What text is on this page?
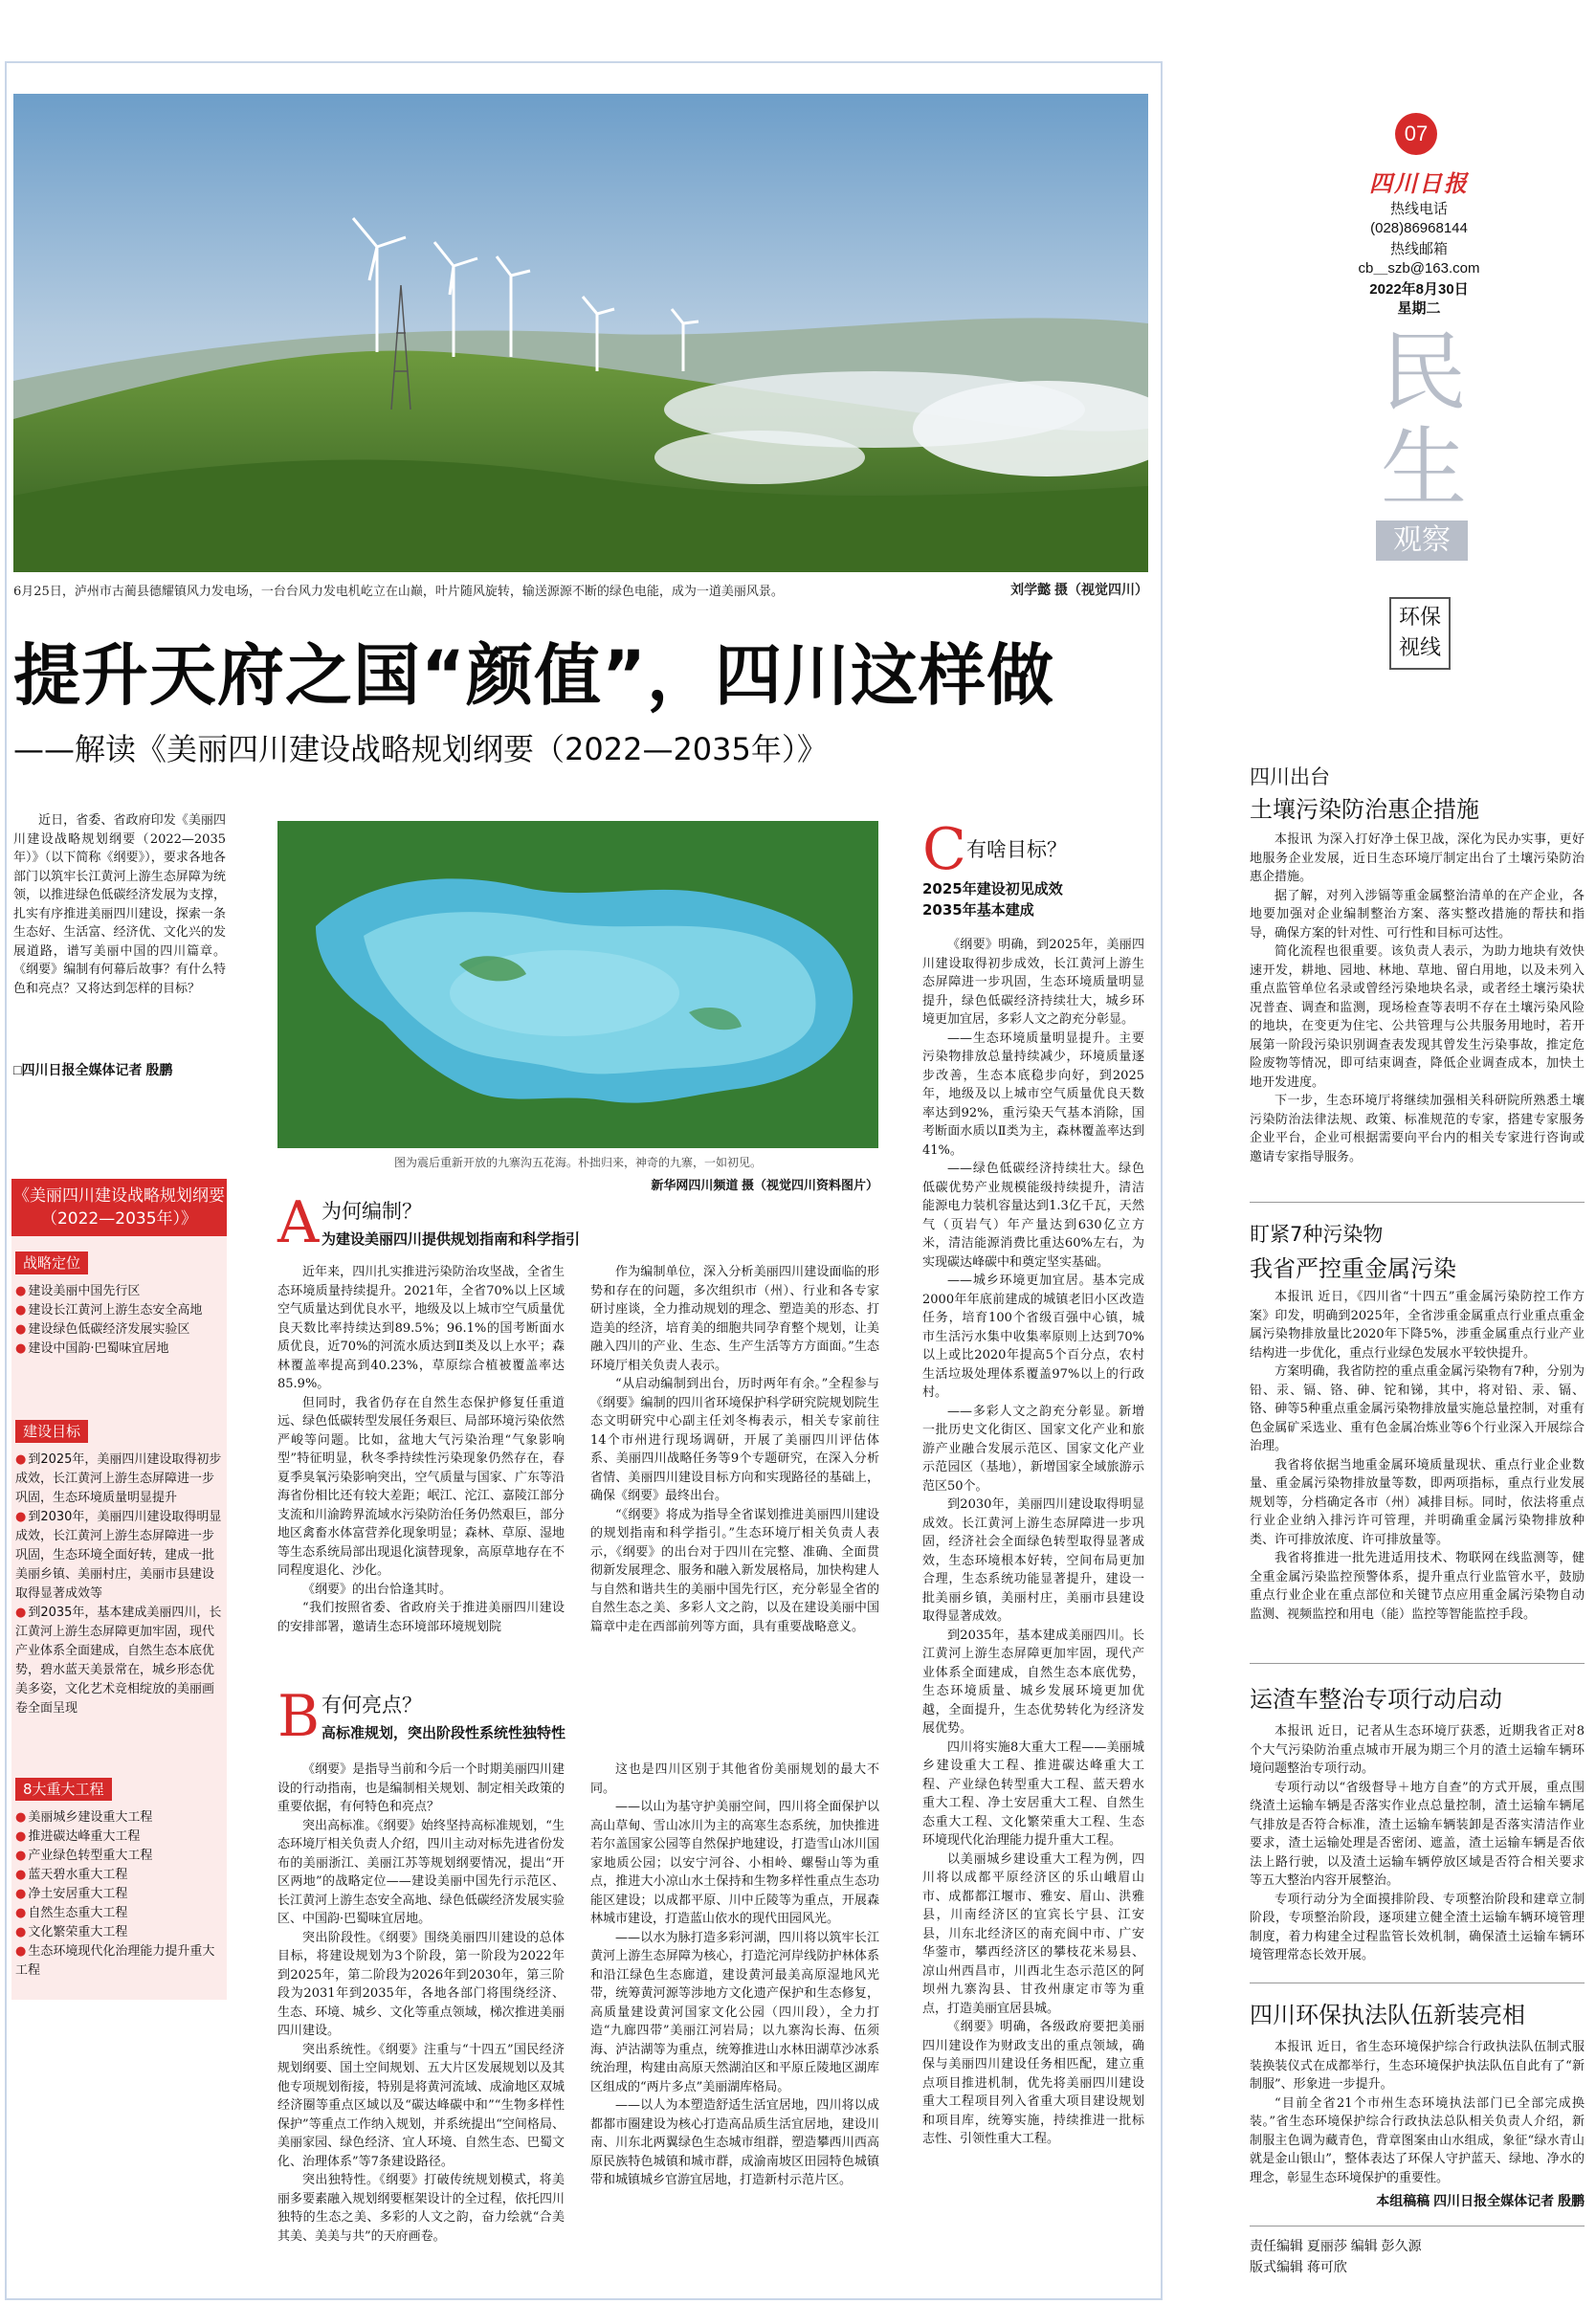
6月25日，泸州市古蔺县德耀镇风力发电场，一台台风力发电机屹立在山巅，叶片随风旋转，输送源源不断的绿色电能，成为一道美丽风景。	刘学懿 摄（视觉四川）
提升天府之国“颜值”，四川这样做
——解读《美丽四川建设战略规划纲要（2022—2035年）》

近日，省委、省政府印发《美丽四川建设战略规划纲要（2022—2035年）》（以下简称《纲要》），要求各地各部门以筑牢长江黄河上游生态屏障为统领，以推进绿色低碳经济发展为支撑，扎实有序推进美丽四川建设，探索一条生态好、生活富、经济优、文化兴的发展道路，谱写美丽中国的四川篇章。《纲要》编制有何幕后故事？有什么特色和亮点？又将达到怎样的目标？

□四川日报全媒体记者 殷鹏
《美丽四川建设战略规划纲要（2022—2035年）》
战略定位
● 建设美丽中国先行区
● 建设长江黄河上游生态安全高地
● 建设绿色低碳经济发展实验区
● 建设中国韵·巴蜀味宜居地
建设目标
● 到2025年，美丽四川建设取得初步成效，长江黄河上游生态屏障进一步巩固，生态环境质量明显提升
● 到2030年，美丽四川建设取得明显成效，长江黄河上游生态屏障进一步巩固，生态环境全面好转，建成一批美丽乡镇、美丽村庄，美丽市县建设取得显著成效等
● 到2035年，基本建成美丽四川，长江黄河上游生态屏障更加牢固，现代产业体系全面建成，自然生态本底优势，碧水蓝天美景常在，城乡形态优美多姿，文化艺术竞相绽放的美丽画卷全面呈现
8大重大工程
● 美丽城乡建设重大工程
● 推进碳达峰重大工程
● 产业绿色转型重大工程
● 蓝天碧水重大工程
● 净土安居重大工程
● 自然生态重大工程
● 文化繁荣重大工程
● 生态环境现代化治理能力提升重大工程
图为震后重新开放的九寨沟五花海。朴拙归来，神奇的九寨，一如初见。
新华网四川频道 摄（视觉四川资料图片）
A 为何编制？
为建设美丽四川提供规划指南和科学指引

近年来，四川扎实推进污染防治攻坚战，全省生态环境质量持续提升。2021年，全省70%以上区域空气质量达到优良水平，地级及以上城市空气质量优良天数比率持续达到89.5%；96.1%的国考断面水质优良，近70%的河流水质达到Ⅱ类及以上水平；森林覆盖率提高到40.23%，草原综合植被覆盖率达85.9%。

但同时，我省仍存在自然生态保护修复任重道远、绿色低碳转型发展任务艰巨、局部环境污染依然严峻等问题。比如，盆地大气污染治理“气象影响型”特征明显，秋冬季持续性污染现象仍然存在，春夏季臭氧污染影响突出，空气质量与国家、广东等沿海省份相比还有较大差距；岷江、沱江、嘉陵江部分支流和川渝跨界流域水污染防治任务仍然艰巨，部分地区禽畜水体富营养化现象明显；森林、草原、湿地等生态系统局部出现退化演替现象，高原草地存在不同程度退化、沙化。

《纲要》的出台恰逢其时。

“我们按照省委、省政府关于推进美丽四川建设的安排部署，邀请生态环境部环境规划院

作为编制单位，深入分析美丽四川建设面临的形势和存在的问题，多次组织市（州）、行业和各专家研讨座谈，全力推动规划的理念、塑造美的形态、打造美的经济，培育美的细胞共同孕育整个规划，让美融入四川的产业、生态、生产生活等方方面面。”生态环境厅相关负责人表示。

“从启动编制到出台，历时两年有余。”全程参与《纲要》编制的四川省环境保护科学研究院规划院生态文明研究中心副主任刘冬梅表示，相关专家前往14个市州进行现场调研，开展了美丽四川评估体系、美丽四川战略任务等9个专题研究，在深入分析省情、美丽四川建设目标方向和实现路径的基础上，确保《纲要》最终出台。

“《纲要》将成为指导全省谋划推进美丽四川建设的规划指南和科学指引。”生态环境厅相关负责人表示，《纲要》的出台对于四川在完整、准确、全面贯彻新发展理念、服务和融入新发展格局，加快构建人与自然和谐共生的美丽中国先行区，充分彰显全省的自然生态之美、多彩人文之韵，以及在建设美丽中国篇章中走在西部前列等方面，具有重要战略意义。

B 有何亮点？
高标准规划，突出阶段性系统性独特性

《纲要》是指导当前和今后一个时期美丽四川建设的行动指南，也是编制相关规划、制定相关政策的重要依据，有何特色和亮点？

突出高标准。《纲要》始终坚持高标准规划，“生态环境厅相关负责人介绍，四川主动对标先进省份发布的美丽浙江、美丽江苏等规划纲要情况，提出“开区两地”的战略定位——建设美丽中国先行示范区、长江黄河上游生态安全高地、绿色低碳经济发展实验区、中国韵·巴蜀味宜居地。

突出阶段性。《纲要》围绕美丽四川建设的总体目标，将建设规划为3个阶段，第一阶段为2022年到2025年，第二阶段为2026年到2030年，第三阶段为2031年到2035年，各地各部门将围绕经济、生态、环境、城乡、文化等重点领域，梯次推进美丽四川建设。

突出系统性。《纲要》注重与“十四五”国民经济规划纲要、国土空间规划、五大片区发展规划以及其他专项规划衔接，特别是将黄河流域、成渝地区双城经济圈等重点区域以及“碳达峰碳中和”“生物多样性保护”等重点工作纳入规划，并系统提出“空间格局、美丽家园、绿色经济、宜人环境、自然生态、巴蜀文化、治理体系”等7条建设路径。

突出独特性。《纲要》打破传统规划模式，将美丽多要素融入规划纲要框架设计的全过程，依托四川独特的生态之美、多彩的人文之韵，奋力绘就“合美其美、美美与共”的天府画卷。

这也是四川区别于其他省份美丽规划的最大不同。

——以山为基守护美丽空间，四川将全面保护以高山草甸、雪山冰川为主的高寒生态系统，加快推进若尔盖国家公园等自然保护地建设，打造雪山冰川国家地质公园；以安宁河谷、小相岭、螺髻山等为重点，推进大小凉山水土保持和生物多样性重点生态功能区建设；以成都平原、川中丘陵等为重点，开展森林城市建设，打造蓝山依水的现代田园风光。

——以水为脉打造多彩河湖，四川将以筑牢长江黄河上游生态屏障为核心，打造沱河岸线防护林体系和沿江绿色生态廊道，建设黄河最美高原湿地风光带，统筹黄河源等涉地方文化遗产保护和生态修复，高质量建设黄河国家文化公园（四川段），全力打造“九廊四带”美丽江河岩局；以九寨沟长海、伍须海、泸沽湖等为重点，统筹推进山水林田湖草沙冰系统治理，构建由高原天然湖泊区和平原丘陵地区湖库区组成的“两片多点”美丽湖库格局。

——以人为本塑造舒适生活宜居地，四川将以成都都市圈建设为核心打造高品质生活宜居地，建设川南、川东北两翼绿色生态城市组群，塑造攀西川西高原民族特色城镇和城市群，成渝南坡区田园特色城镇带和城镇城乡官游宜居地，打造新村示范片区。

C 有啥目标？
2025年建设初见成效
2035年基本建成

《纲要》明确，到2025年，美丽四川建设取得初步成效，长江黄河上游生态屏障进一步巩固，生态环境质量明显提升，绿色低碳经济持续壮大，城乡环境更加宜居，多彩人文之韵充分彰显。

——生态环境质量明显提升。主要污染物排放总量持续减少，环境质量逐步改善，生态本底稳步向好，到2025年，地级及以上城市空气质量优良天数率达到92%，重污染天气基本消除，国考断面水质以Ⅱ类为主，森林覆盖率达到41%。

——绿色低碳经济持续壮大。绿色低碳优势产业规模能级持续提升，清洁能源电力装机容量达到1.3亿千瓦，天然气（页岩气）年产量达到630亿立方米，清洁能源消费比重达60%左右，为实现碳达峰碳中和奠定坚实基础。

——城乡环境更加宜居。基本完成2000年年底前建成的城镇老旧小区改造任务，培育100个省级百强中心镇，城市生活污水集中收集率原则上达到70%以上或比2020年提高5个百分点，农村生活垃圾处理体系覆盖97%以上的行政村。

——多彩人文之韵充分彰显。新增一批历史文化街区、国家文化产业和旅游产业融合发展示范区、国家文化产业示范园区（基地），新增国家全域旅游示范区50个。

到2030年，美丽四川建设取得明显成效。长江黄河上游生态屏障进一步巩固，经济社会全面绿色转型取得显著成效，生态环境根本好转，空间布局更加合理，生态系统功能显著提升，建设一批美丽乡镇，美丽村庄，美丽市县建设取得显著成效。

到2035年，基本建成美丽四川。长江黄河上游生态屏障更加牢固，现代产业体系全面建成，自然生态本底优势，生态环境质量、城乡发展环境更加优越，全面提升，生态优势转化为经济发展优势。

四川将实施8大重大工程——美丽城乡建设重大工程、推进碳达峰重大工程、产业绿色转型重大工程、蓝天碧水重大工程、净土安居重大工程、自然生态重大工程、文化繁荣重大工程、生态环境现代化治理能力提升重大工程。

以美丽城乡建设重大工程为例，四川将以成都平原经济区的乐山峨眉山市、成都都江堰市、雅安、眉山、洪雅县，川南经济区的宜宾长宁县、江安县，川东北经济区的南充阆中市、广安华蓥市，攀西经济区的攀枝花米易县、凉山州西昌市，川西北生态示范区的阿坝州九寨沟县、甘孜州康定市等为重点，打造美丽宜居县城。

《纲要》明确，各级政府要把美丽四川建设作为财政支出的重点领域，确保与美丽四川建设任务相匹配，建立重点项目推进机制，优先将美丽四川建设重大工程项目列入省重大项目建设规划和项目库，统筹实施，持续推进一批标志性、引领性重大工程。

07
四川日报
热线电话
(028)86968144
热线邮箱
cb＿szb@163.com
2022年8月30日
星期二
民生
观察
环保视线
四川出台
土壤污染防治惠企措施

本报讯 为深入打好净土保卫战，深化为民办实事，更好地服务企业发展，近日生态环境厅制定出台了土壤污染防治惠企措施。

据了解，对列入涉镉等重金属整治清单的在产企业，各地要加强对企业编制整治方案、落实整改措施的帮扶和指导，确保方案的针对性、可行性和目标可达性。

简化流程也很重要。该负责人表示，为助力地块有效快速开发，耕地、园地、林地、草地、留白用地，以及未列入重点监管单位名录或曾经污染地块名录，或者经土壤污染状况普查、调查和监测，现场检查等表明不存在土壤污染风险的地块，在变更为住宅、公共管理与公共服务用地时，若开展第一阶段污染识别调查表发现其曾发生污染事故，推定危险废物等情况，即可结束调查，降低企业调查成本，加快土地开发进度。

下一步，生态环境厅将继续加强相关科研院所熟悉土壤污染防治法律法规、政策、标准规范的专家，搭建专家服务企业平台，企业可根据需要向平台内的相关专家进行咨询或邀请专家指导服务。

盯紧7种污染物
我省严控重金属污染

本报讯 近日，《四川省“十四五”重金属污染防控工作方案》印发，明确到2025年，全省涉重金属重点行业重点重金属污染物排放量比2020年下降5%，涉重金属重点行业产业结构进一步优化，重点行业绿色发展水平较快提升。

方案明确，我省防控的重点重金属污染物有7种，分别为铅、汞、镉、铬、砷、铊和锑，其中，将对铅、汞、镉、铬、砷等5种重点重金属污染物排放量实施总量控制，对重有色金属矿采选业、重有色金属冶炼业等6个行业深入开展综合治理。

我省将依据当地重金属环境质量现状、重点行业企业数量、重金属污染物排放量等数，即两项指标，重点行业发展规划等，分档确定各市（州）减排目标。同时，依法将重点行业企业纳入排污许可管理，并明确重金属污染物排放种类、许可排放浓度、许可排放量等。

我省将推进一批先进适用技术、物联网在线监测等，健全重金属污染监控预警体系，提升重点行业监管水平，鼓励重点行业企业在重点部位和关键节点应用重金属污染物自动监测、视频监控和用电（能）监控等智能监控手段。

运渣车整治专项行动启动

本报讯 近日，记者从生态环境厅获悉，近期我省正对8个大气污染防治重点城市开展为期三个月的渣土运输车辆环境问题整治专项行动。

专项行动以“省级督导＋地方自查”的方式开展，重点围绕渣土运输车辆是否落实作业点总量控制，渣土运输车辆尾气排放是否符合标准，渣土运输车辆装卸是否落实清洁作业要求，渣土运输处理是否密闭、遮盖，渣土运输车辆是否依法上路行驶，以及渣土运输车辆停放区域是否符合相关要求等五大整治内容开展整治。

专项行动分为全面摸排阶段、专项整治阶段和建章立制阶段，专项整治阶段，逐项建立健全渣土运输车辆环境管理制度，着力构建全过程监管长效机制，确保渣土运输车辆环境管理常态长效开展。

四川环保执法队伍新装亮相

本报讯 近日，省生态环境保护综合行政执法队伍制式服装换装仪式在成都举行，生态环境保护执法队伍自此有了“新制服”、形象进一步提升。

“目前全省21个市州生态环境执法部门已全部完成换装。”省生态环境保护综合行政执法总队相关负责人介绍，新制服主色调为藏青色，背章图案由山水组成，象征“绿水青山就是金山银山”，整体表达了环保人守护蓝天、绿地、净水的理念，彰显生态环境保护的重要性。

本组稿稿 四川日报全媒体记者 殷鹏
责任编辑 夏丽莎 编辑 彭久源
版式编辑 蒋可欣
